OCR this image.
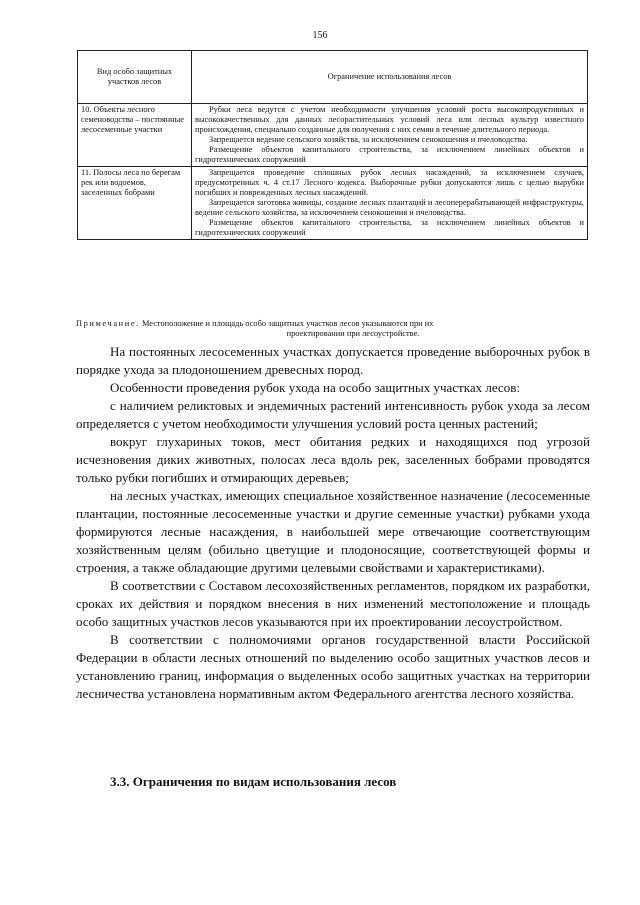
156
Вид особо защитных участков лесов	Ограничение использования лесов
10. Объекты лесного семеноводства – постоянные лесосеменные участки	Рубки леса ведутся с учетом необходимости улучшения условий роста высокопродуктивных и высококачественных для данных лесорастительных условий леса или лесных культур известного происхождения, специально созданные для получения с них семян в течение длительного периода.

Запрещается ведение сельского хозяйства, за исключением сенокошения и пчеловодства.

Размещение объектов капитального строительства, за исключением линейных объектов и гидротехнических сооружений

11. Полосы леса по берегам рек или водоемов, заселенных бобрами	Запрещается проведение сплошных рубок лесных насаждений, за исключением случаев, предусмотренных ч. 4 ст.17 Лесного кодекса. Выборочные рубки допускаются лишь с целью вырубки погибших и поврежденных лесных насаждений.

Запрещается заготовка живицы, создание лесных плантаций и лесоперерабатывающей инфраструктуры, ведение сельского хозяйства, за исключением сенокошения и пчеловодства.

Размещение объектов капитального строительства, за исключением линейных объектов и гидротехнических сооружений

Примечание. Местоположение и площадь особо защитных участков лесов указываются при их
проектировании при лесоустройстве.

На постоянных лесосеменных участках допускается проведение выборочных рубок в порядке ухода за плодоношением древесных пород.

Особенности проведения рубок ухода на особо защитных участках лесов:

с наличием реликтовых и эндемичных растений интенсивность рубок ухода за лесом определяется с учетом необходимости улучшения условий роста ценных растений;

вокруг глухариных токов, мест обитания редких и находящихся под угрозой исчезновения диких животных, полосах леса вдоль рек, заселенных бобрами проводятся только рубки погибших и отмирающих деревьев;

на лесных участках, имеющих специальное хозяйственное назначение (лесосеменные плантации, постоянные лесосеменные участки и другие семенные участки) рубками ухода формируются лесные насаждения, в наибольшей мере отвечающие соответствующим хозяйственным целям (обильно цветущие и плодоносящие, соответствующей формы и строения, а также обладающие другими целевыми свойствами и характеристиками).

В соответствии с Составом лесохозяйственных регламентов, порядком их разработки, сроках их действия и порядком внесения в них изменений местоположение и площадь особо защитных участков лесов указываются при их проектировании лесоустройством.

В соответствии с полномочиями органов государственной власти Российской Федерации в области лесных отношений по выделению особо защитных участков лесов и установлению границ, информация о выделенных особо защитных участках на территории лесничества установлена нормативным актом Федерального агентства лесного хозяйства.

3.3. Ограничения по видам использования лесов
